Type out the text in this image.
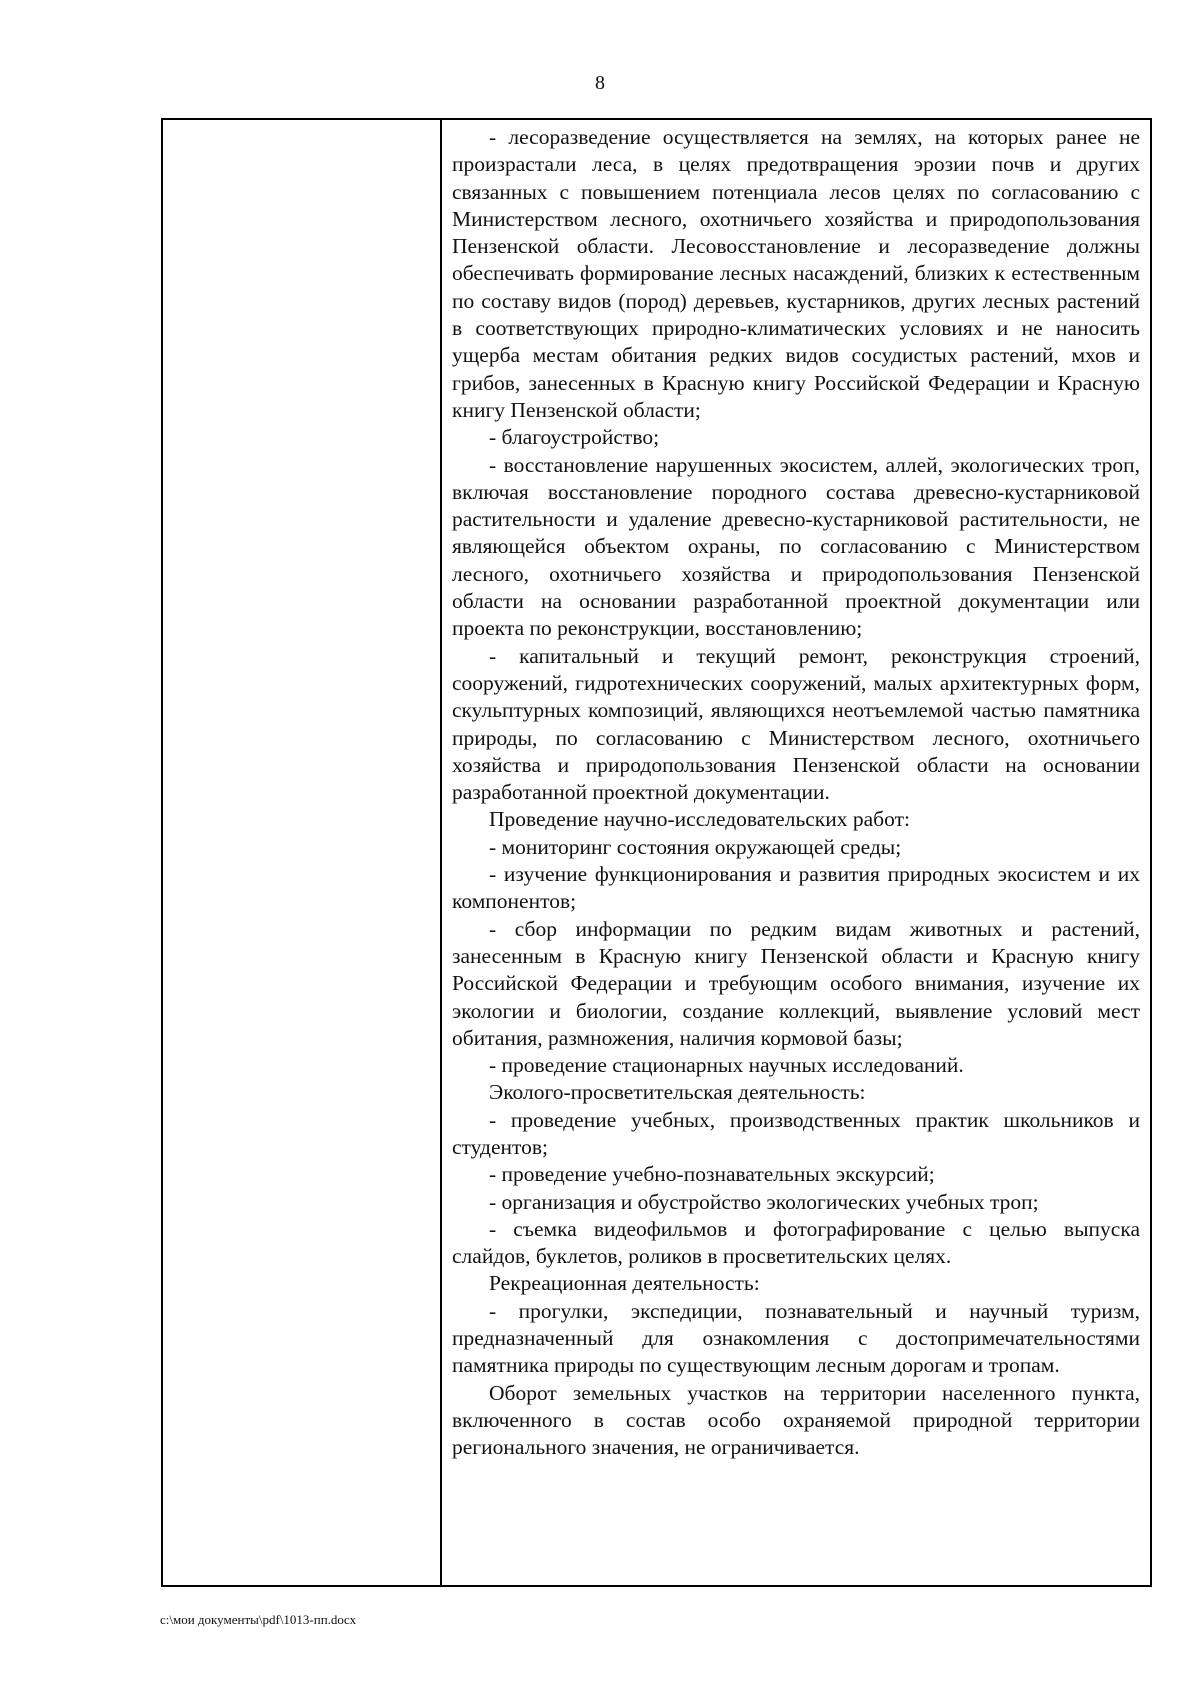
8

- лесоразведение осуществляется на землях, на которых ранее не произрастали леса, в целях предотвращения эрозии почв и других связанных с повышением потенциала лесов целях по согласованию с Министерством лесного, охотничьего хозяйства и природопользования Пензенской области. Лесовосстановление и лесоразведение должны обеспечивать формирование лесных насаждений, близких к естественным по составу видов (пород) деревьев, кустарников, других лесных растений в соответствующих природно-климатических условиях и не наносить ущерба местам обитания редких видов сосудистых растений, мхов и грибов, занесенных в Красную книгу Российской Федерации и Красную книгу Пензенской области;

- благоустройство;

- восстановление нарушенных экосистем, аллей, экологических троп, включая восстановление породного состава древесно-кустарниковой растительности и удаление древесно-кустарниковой растительности, не являющейся объектом охраны, по согласованию с Министерством лесного, охотничьего хозяйства и природопользования Пензенской области на основании разработанной проектной документации или проекта по реконструкции, восстановлению;

- капитальный и текущий ремонт, реконструкция строений, сооружений, гидротехнических сооружений, малых архитектурных форм, скульптурных композиций, являющихся неотъемлемой частью памятника природы, по согласованию с Министерством лесного, охотничьего хозяйства и природопользования Пензенской области на основании разработанной проектной документации.

Проведение научно-исследовательских работ:

- мониторинг состояния окружающей среды;

- изучение функционирования и развития природных экосистем и их компонентов;

- сбор информации по редким видам животных и растений, занесенным в Красную книгу Пензенской области и Красную книгу Российской Федерации и требующим особого внимания, изучение их экологии и биологии, создание коллекций, выявление условий мест обитания, размножения, наличия кормовой базы;

- проведение стационарных научных исследований.

Эколого-просветительская деятельность:

- проведение учебных, производственных практик школьников и студентов;

- проведение учебно-познавательных экскурсий;

- организация и обустройство экологических учебных троп;

- съемка видеофильмов и фотографирование с целью выпуска слайдов, буклетов, роликов в просветительских целях.

Рекреационная деятельность:

- прогулки, экспедиции, познавательный и научный туризм, предназначенный для ознакомления с достопримечательностями памятника природы по существующим лесным дорогам и тропам.

Оборот земельных участков на территории населенного пункта, включенного в состав особо охраняемой природной территории регионального значения, не ограничивается.

c:\мои документы\pdf\1013-пп.docx
